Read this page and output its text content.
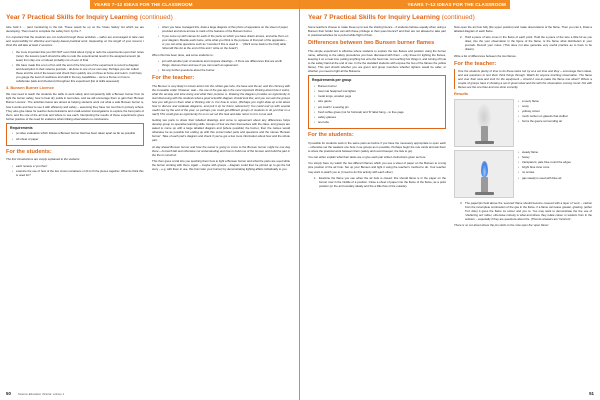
YEARS 7–12 IDEAS FOR THE CLASSROOM
Year 7 Practical Skills for Inquiry Learning (continued)

tube hold it … (and mentioning in the lab. These would be up on the 'Class Safety' list which we are developing. Then need to complete the safety form by the 7.

It is important that the students are not rushed through these activities – rather are encouraged to take care and responsibility for effective and inquiry-based practical work. Depending on the length of your lessons I think this will take at least 2 sessions.

• the more important that you DO NOT even think about trying to redo the experiments upon their notes (note): the lessons (each should be able to redo the experimental result in the assigned amount (at least) from day one or indeed probably not of ever of final
• We have made this a ton of fun until the end of the first part of the experiment to record a diagram and description in their science journals – all done in one of our own way. Perhaps you can collect these and the end of the lesson and check them quickly one on three at home and return. it will help you gauge the level of readiness and skill in the key capabilities – we're a theme on how to collaborate (task and checkout) throughout this experiment [list of skills assessed].
3. Bunsen Burner Licence

We now need to teach the students the skills to work safely and competently with a Bunsen burner from its light the burner safely, how to heat dry solids in test tubes, and we will encourage them to gain their 'Bunsen Burner Licence'. The activities below are aimed at helping students work out what a safe Bunsen burner is, how it works and how to use it with efficiency and safety – assuming they have not met this in primary school. They also give ideas for teacher demonstrations and small-solution investigations to explore the best parts of them, and the role of the air hole and where to use each. Interpreting the results of these experiments gives further practice of the need for evidence when linking observations to conclusions.

Requirements
• (a video evaluation which follows a Bunsen burner that has been taken apart as far as possible
• A4 sheet of paper
For the students:

The first introductions are simply explained to the students:

• each receive a 'you then'
• examine the use of how of the two crown containers on fit to fit the pieces together. What do think this is used for?
• when you have managed this, draw a large diagram of this photo of apparatus on the sheet of paper provided and show arrows to mark of the features of the Bunsen burner.
• If you come up with names for each of the parts on which you have drawn arrows, and write them on your diagram. Beside each name, write what you think is the purpose of that part of the apparatus – or you can write questions such as 'I wonder if this is used to …' (We'll come back to the FAQ table 'what will this do' at the end of this and / 'write on the board').

When this has been done, ask some students to:

• join with another pair of students and compare drawings – if there are differences that are worth things, discuss them and see if you can reach an agreement.
• list any further questions about the burner.
For the teacher:

The Bunsen is very likely to known about into the rubber-gas tube, the base and the air, and the chimney with the moveable collar. However, wait – the use of the gas tap is the most important thinking about how it works, what the air-way and tube doing and what their purpose is. Drawing the diagram provides an opportunity to start discussing with the students what a good scientific diagram should look like, and you can ask the groups how you will get on them what a 'thinking site' is. For how to score. (Perhaps you might draw up a list about how to discuss and evaluate diagrams, and pull it up for future reference?) You could end up with several useful raw by the end of the year, so perhaps you could get different groups of students to do just that on a raw?) This could give an opportunity for us to set out this task and later return to it to cut as well.

Getting two parts to share their labelled drawings and come to agreement about any differences helps develop group co-operative learning skills. Groups of four are then themselves with the class, and groups are asked to come up with a large labelled diagram and (where possible) the burner, then the names would otherwise be as possible but ending up with this correct label parts and questions and the names 'Bunsen burner'. Take of each part's diagram and check if you've got a few more information about how and the whole part.

At day ahead Bunsen burner and how the owner is going to come to the Bunsen burner might be one day there – but we'll talk and otherwise not understanding and how to build one of the bunsen and build the part in the the to construct.

This then gives a trial into you teaching them how to light a Bunsen burner and what the parts are used while the burner working with them. Again – maybe with groups – diagram could then be pinned up to get the full story – e.g. with them in use, this from later your burner) by demonstrating lighting affairs individually to you.

50	Science Education Victoria: volume 1
YEARS 7–12 IDEAS FOR THE CLASSROOM
Year 7 Practical Skills for Inquiry Learning (continued)

Some teachers choose to make these up to test the shining licence – if students behave equally when using a Bunsen their holder how can with these privilege to their pass licence? and then are not allowed to take part in practical activities for a period while flight of their.

Differences between two Bunsen burner flames

This simple experiment is effective where students to explore the two flames and position using the burner name, adhering to the safety procedures you have discussed with them – only those for lighting the flames, keeping it on a neat mat, putting anything hot onto the heat mat, not touching hot things it, and turning off (via to the safety hand at the end of use. In the the standard students with expose the two of the flames the yellow flame). This part should whether you are given and group members whether lighters would be safer, or whether you need to light all the Bunsens.

Requirements per group
• Bunsen burner
• heat mat heatproof mat lighter
• metal tongs, wooden pegs
• wire gauze
• pot match / a sewing pin
• fresh coffee grass (not for hot/coal) and 'D' label hang – to free page
• safety glasses
• test tube
For the students:

If possible for students work in the same pairs as before if you have the necessary appropriate to open each – otherwise set the weakest one here in as groups as is possible. Perhaps begin the role cards and ask them to share the practical work between them (safety and record keeper, the lists to go).

You can either explain what their tasks are or give each pair written instructions given as here.

You simply have my watch the two different flames which you use a sheet of paper on the Bunsen to a long pins position of the air hole. Set up your Bunsen and light it using the teacher's method to do. Your teacher may want to watch you to (I need to do this activity with each other).

Examine the flame you see when the air hole is closed: this should flame is in the paper on the burner now in the middle of a position. Close a sheet of paper into the flame of the flame, as a point position (or the air boundary ideally and the a little flow of the outside).

Now open the air hole fully (the upper position) and make observations of the flame. Then you can it, Draw a labelled diagram of each flame.

Hold a piece of wire cross in the flame of each point. Hold the a piece of the wire a little bit as you draw, into the your observation in the figure of the flame. Is the flame what distribution in your journals. Record your notes. (This does not also generate very useful practice as to have to be drawn).

Write a list of differences between the two flames.

For the teacher:

One the students plenty of time to do these tasks but try at a set time and they – encourage them ideas, and ask questions to test them think things through. Watch for anyone touching observation. The flame and over their view and look for the equipment – should it one-to-make the flame one when? Where a couple of groups have it showing a set of good-noted and the with the observation coming round. Not with flames are the one than and one done correctly.

Results
• a sooty flame
• sooty
• yellowy colour
• much carbon on glass/is that stuffed
• burns the gauze surrounding air
• steady flame
• heavy
• transparent, pale blue round the edges
• bright blue inner cone
• no smoke
• gas steady is used with blue air
The paper/pin held above the 'secured' flame should become covered with a layer of 'soot' – carbon from the incomplete combustion of the gas in the flame. if a flame can leave greater, glowing; (either 'hot' dots) it gives the flame its colour and you to. You may want to demonstrate the the use of 'sheltering out' rather, otherwise nobody is what and where they relate colour or wisdom from in the solution – especially if they are questions about the. (That do answers are 'Incorrect'.

There is no cut about where the pin sticks to the note open the 'open flame'.

51
